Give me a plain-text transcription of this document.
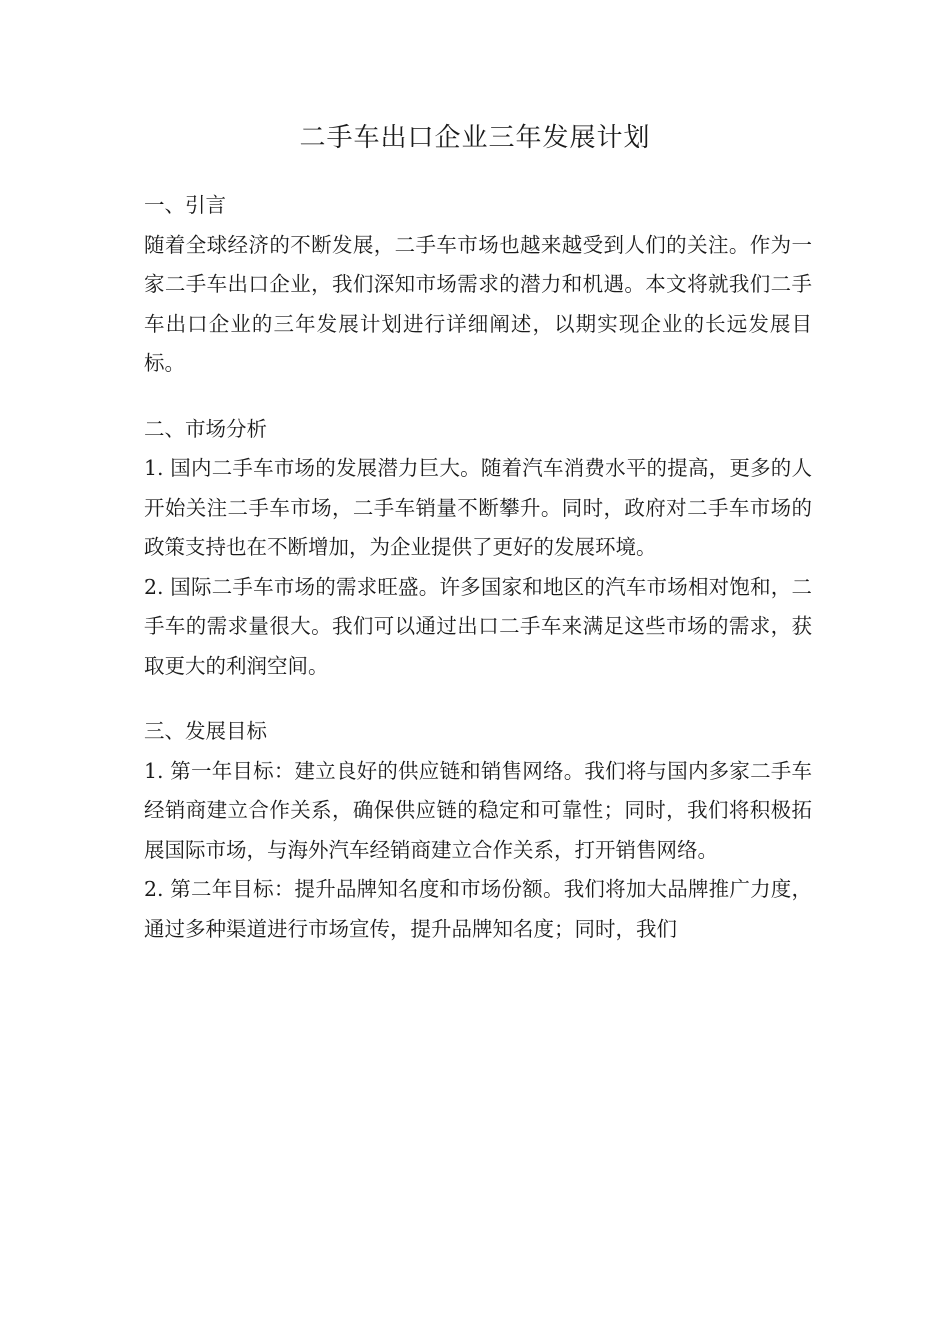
二手车出口企业三年发展计划

一、引言

随着全球经济的不断发展，二手车市场也越来越受到人们的关注。作为一家二手车出口企业，我们深知市场需求的潜力和机遇。本文将就我们二手车出口企业的三年发展计划进行详细阐述，以期实现企业的长远发展目标。

二、市场分析

1. 国内二手车市场的发展潜力巨大。随着汽车消费水平的提高，更多的人开始关注二手车市场，二手车销量不断攀升。同时，政府对二手车市场的政策支持也在不断增加，为企业提供了更好的发展环境。

2. 国际二手车市场的需求旺盛。许多国家和地区的汽车市场相对饱和，二手车的需求量很大。我们可以通过出口二手车来满足这些市场的需求，获取更大的利润空间。

三、发展目标

1. 第一年目标：建立良好的供应链和销售网络。我们将与国内多家二手车经销商建立合作关系，确保供应链的稳定和可靠性；同时，我们将积极拓展国际市场，与海外汽车经销商建立合作关系，打开销售网络。

2. 第二年目标：提升品牌知名度和市场份额。我们将加大品牌推广力度，通过多种渠道进行市场宣传，提升品牌知名度；同时，我们
